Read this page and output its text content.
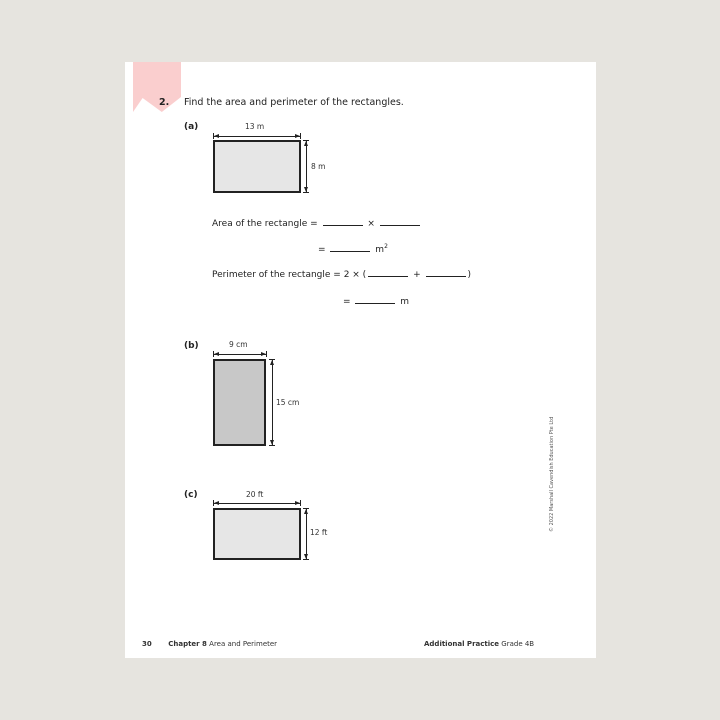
2. Find the area and perimeter of the rectangles.
(a)	13 m
8 m
Area of the rectangle =	×
=	$m^2$
Perimeter of the rectangle = 2 × (	+	)
=	m
(b)	9 cm
15 cm
(c)	20 ft
12 ft
© 2022 Marshall Cavendish Education Pte Ltd
30 Chapter 8 Area and Perimeter	Additional Practice Grade 4B
